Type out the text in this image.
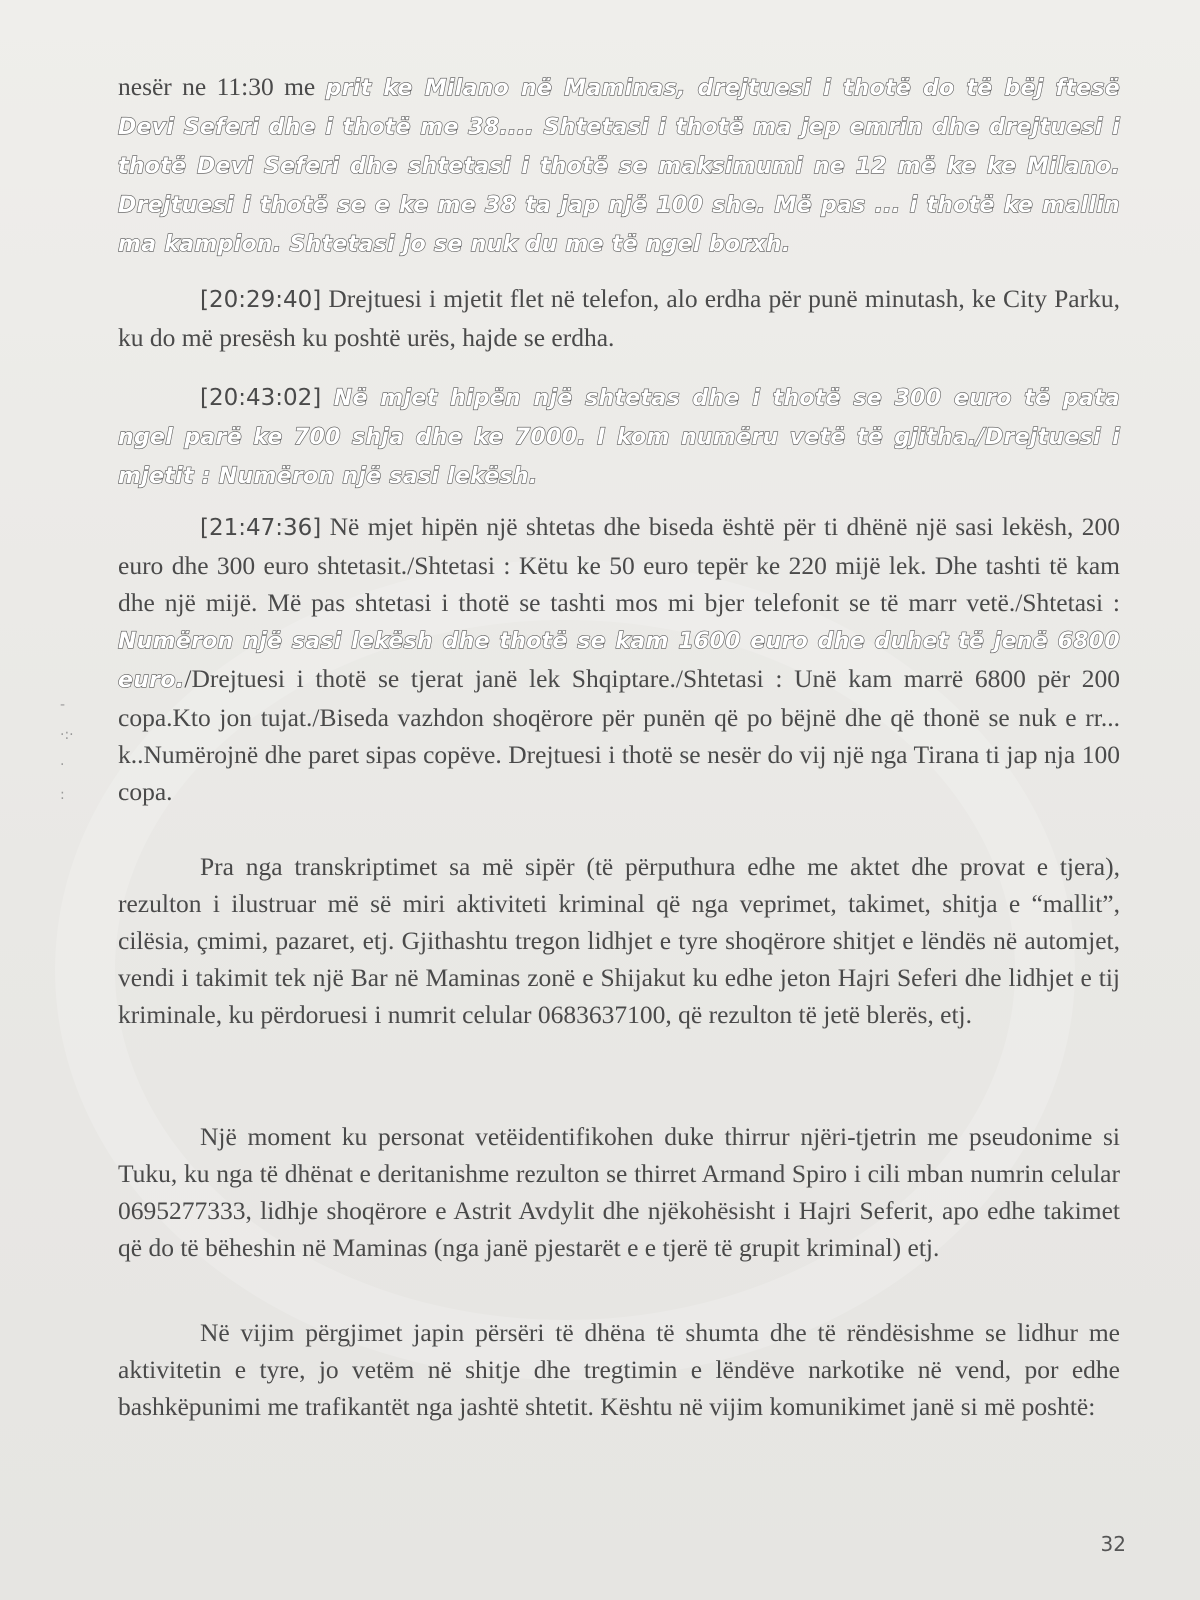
-
·:·
·
:

nesër ne 11:30 me prit ke Milano në Maminas, drejtuesi i thotë do të bëj ftesë Devi Seferi dhe i thotë me 38.... Shtetasi i thotë ma jep emrin dhe drejtuesi i thotë Devi Seferi dhe shtetasi i thotë se maksimumi ne 12 më ke ke Milano. Drejtuesi i thotë se e ke me 38 ta jap një 100 she. Më pas ... i thotë ke mallin ma kampion. Shtetasi jo se nuk du me të ngel borxh.

[20:29:40] Drejtuesi i mjetit flet në telefon, alo erdha për punë minutash, ke City Parku, ku do më presësh ku poshtë urës, hajde se erdha.

[20:43:02] Në mjet hipën një shtetas dhe i thotë se 300 euro të pata ngel parë ke 700 shja dhe ke 7000. I kom numëru vetë të gjitha./Drejtuesi i mjetit : Numëron një sasi lekësh.

[21:47:36] Në mjet hipën një shtetas dhe biseda është për ti dhënë një sasi lekësh, 200 euro dhe 300 euro shtetasit./Shtetasi : Këtu ke 50 euro tepër ke 220 mijë lek. Dhe tashti të kam dhe një mijë. Më pas shtetasi i thotë se tashti mos mi bjer telefonit se të marr vetë./Shtetasi : Numëron një sasi lekësh dhe thotë se kam 1600 euro dhe duhet të jenë 6800 euro./Drejtuesi i thotë se tjerat janë lek Shqiptare./Shtetasi : Unë kam marrë 6800 për 200 copa.Kto jon tujat./Biseda vazhdon shoqërore për punën që po bëjnë dhe që thonë se nuk e rr... k..Numërojnë dhe paret sipas copëve. Drejtuesi i thotë se nesër do vij një nga Tirana ti jap nja 100 copa.

Pra nga transkriptimet sa më sipër (të përputhura edhe me aktet dhe provat e tjera), rezulton i ilustruar më së miri aktiviteti kriminal që nga veprimet, takimet, shitja e “mallit”, cilësia, çmimi, pazaret, etj. Gjithashtu tregon lidhjet e tyre shoqërore shitjet e lëndës në automjet, vendi i takimit tek një Bar në Maminas zonë e Shijakut ku edhe jeton Hajri Seferi dhe lidhjet e tij kriminale, ku përdoruesi i numrit celular 0683637100, që rezulton të jetë blerës, etj.

Një moment ku personat vetëidentifikohen duke thirrur njëri-tjetrin me pseudonime si Tuku, ku nga të dhënat e deritanishme rezulton se thirret Armand Spiro i cili mban numrin celular 0695277333, lidhje shoqërore e Astrit Avdylit dhe njëkohësisht i Hajri Seferit, apo edhe takimet që do të bëheshin në Maminas (nga janë pjestarët e e tjerë të grupit kriminal) etj.

Në vijim përgjimet japin përsëri të dhëna të shumta dhe të rëndësishme se lidhur me aktivitetin e tyre, jo vetëm në shitje dhe tregtimin e lëndëve narkotike në vend, por edhe bashkëpunimi me trafikantët nga jashtë shtetit. Kështu në vijim komunikimet janë si më poshtë:

32
